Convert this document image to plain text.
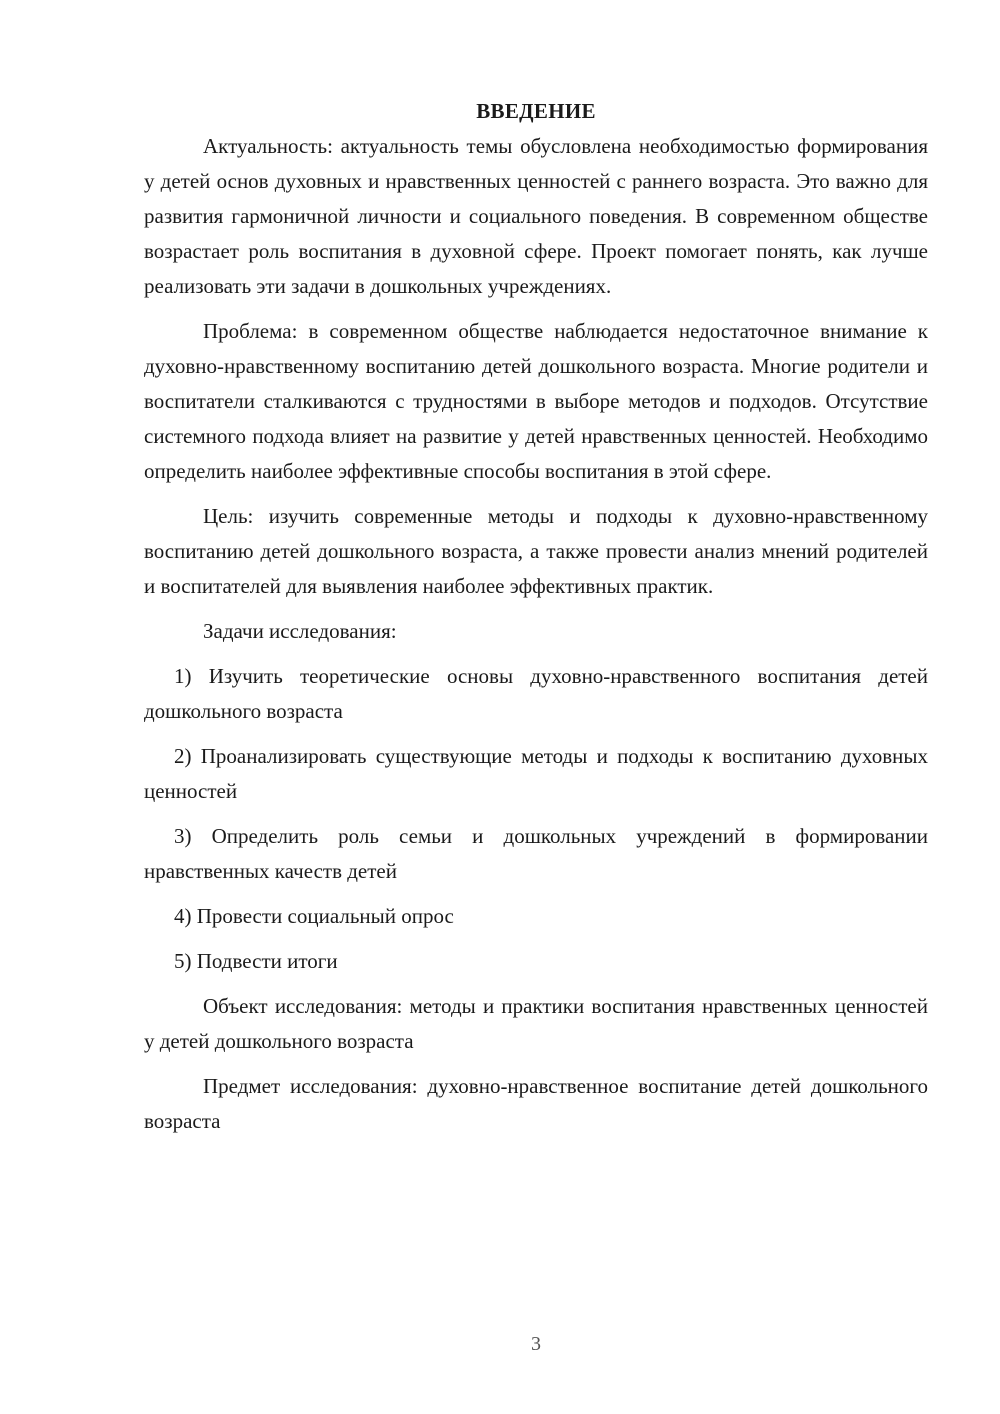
ВВЕДЕНИЕ

Актуальность: актуальность темы обусловлена необходимостью формирования у детей основ духовных и нравственных ценностей с раннего возраста. Это важно для развития гармоничной личности и социального поведения. В современном обществе возрастает роль воспитания в духовной сфере. Проект помогает понять, как лучше реализовать эти задачи в дошкольных учреждениях.

Проблема: в современном обществе наблюдается недостаточное внимание к духовно-нравственному воспитанию детей дошкольного возраста. Многие родители и воспитатели сталкиваются с трудностями в выборе методов и подходов. Отсутствие системного подхода влияет на развитие у детей нравственных ценностей. Необходимо определить наиболее эффективные способы воспитания в этой сфере.

Цель: изучить современные методы и подходы к духовно-нравственному воспитанию детей дошкольного возраста, а также провести анализ мнений родителей и воспитателей для выявления наиболее эффективных практик.

Задачи исследования:

1) Изучить теоретические основы духовно-нравственного воспитания детей дошкольного возраста

2) Проанализировать существующие методы и подходы к воспитанию духовных ценностей

3) Определить роль семьи и дошкольных учреждений в формировании нравственных качеств детей

4) Провести социальный опрос

5) Подвести итоги

Объект исследования: методы и практики воспитания нравственных ценностей у детей дошкольного возраста

Предмет исследования: духовно-нравственное воспитание детей дошкольного возраста

3
